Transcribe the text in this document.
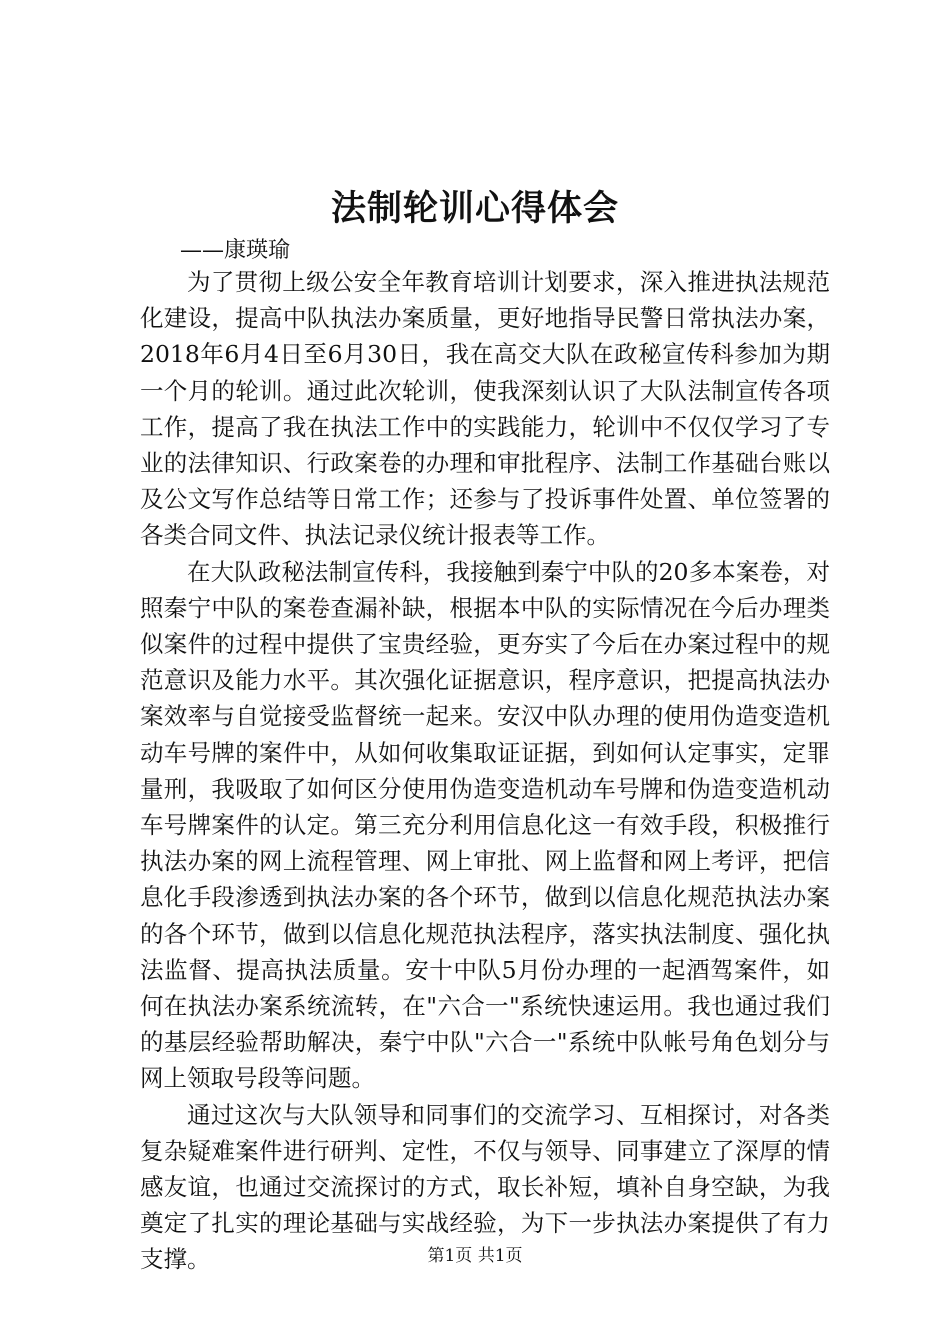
法制轮训心得体会
——康瑛瑜

为了贯彻上级公安全年教育培训计划要求，深入推进执法规范化建设，提高中队执法办案质量，更好地指导民警日常执法办案，2018年6月4日至6月30日，我在高交大队在政秘宣传科参加为期一个月的轮训。通过此次轮训，使我深刻认识了大队法制宣传各项工作，提高了我在执法工作中的实践能力，轮训中不仅仅学习了专业的法律知识、行政案卷的办理和审批程序、法制工作基础台账以及公文写作总结等日常工作；还参与了投诉事件处置、单位签署的各类合同文件、执法记录仪统计报表等工作。

在大队政秘法制宣传科，我接触到秦宁中队的20多本案卷，对照秦宁中队的案卷查漏补缺，根据本中队的实际情况在今后办理类似案件的过程中提供了宝贵经验，更夯实了今后在办案过程中的规范意识及能力水平。其次强化证据意识，程序意识，把提高执法办案效率与自觉接受监督统一起来。安汉中队办理的使用伪造变造机动车号牌的案件中，从如何收集取证证据，到如何认定事实，定罪量刑，我吸取了如何区分使用伪造变造机动车号牌和伪造变造机动车号牌案件的认定。第三充分利用信息化这一有效手段，积极推行执法办案的网上流程管理、网上审批、网上监督和网上考评，把信息化手段渗透到执法办案的各个环节，做到以信息化规范执法办案的各个环节，做到以信息化规范执法程序，落实执法制度、强化执法监督、提高执法质量。安十中队5月份办理的一起酒驾案件，如何在执法办案系统流转，在"六合一"系统快速运用。我也通过我们的基层经验帮助解决，秦宁中队"六合一"系统中队帐号角色划分与网上领取号段等问题。

通过这次与大队领导和同事们的交流学习、互相探讨，对各类复杂疑难案件进行研判、定性，不仅与领导、同事建立了深厚的情感友谊，也通过交流探讨的方式，取长补短，填补自身空缺，为我奠定了扎实的理论基础与实战经验，为下一步执法办案提供了有力支撑。	第1页 共1页
